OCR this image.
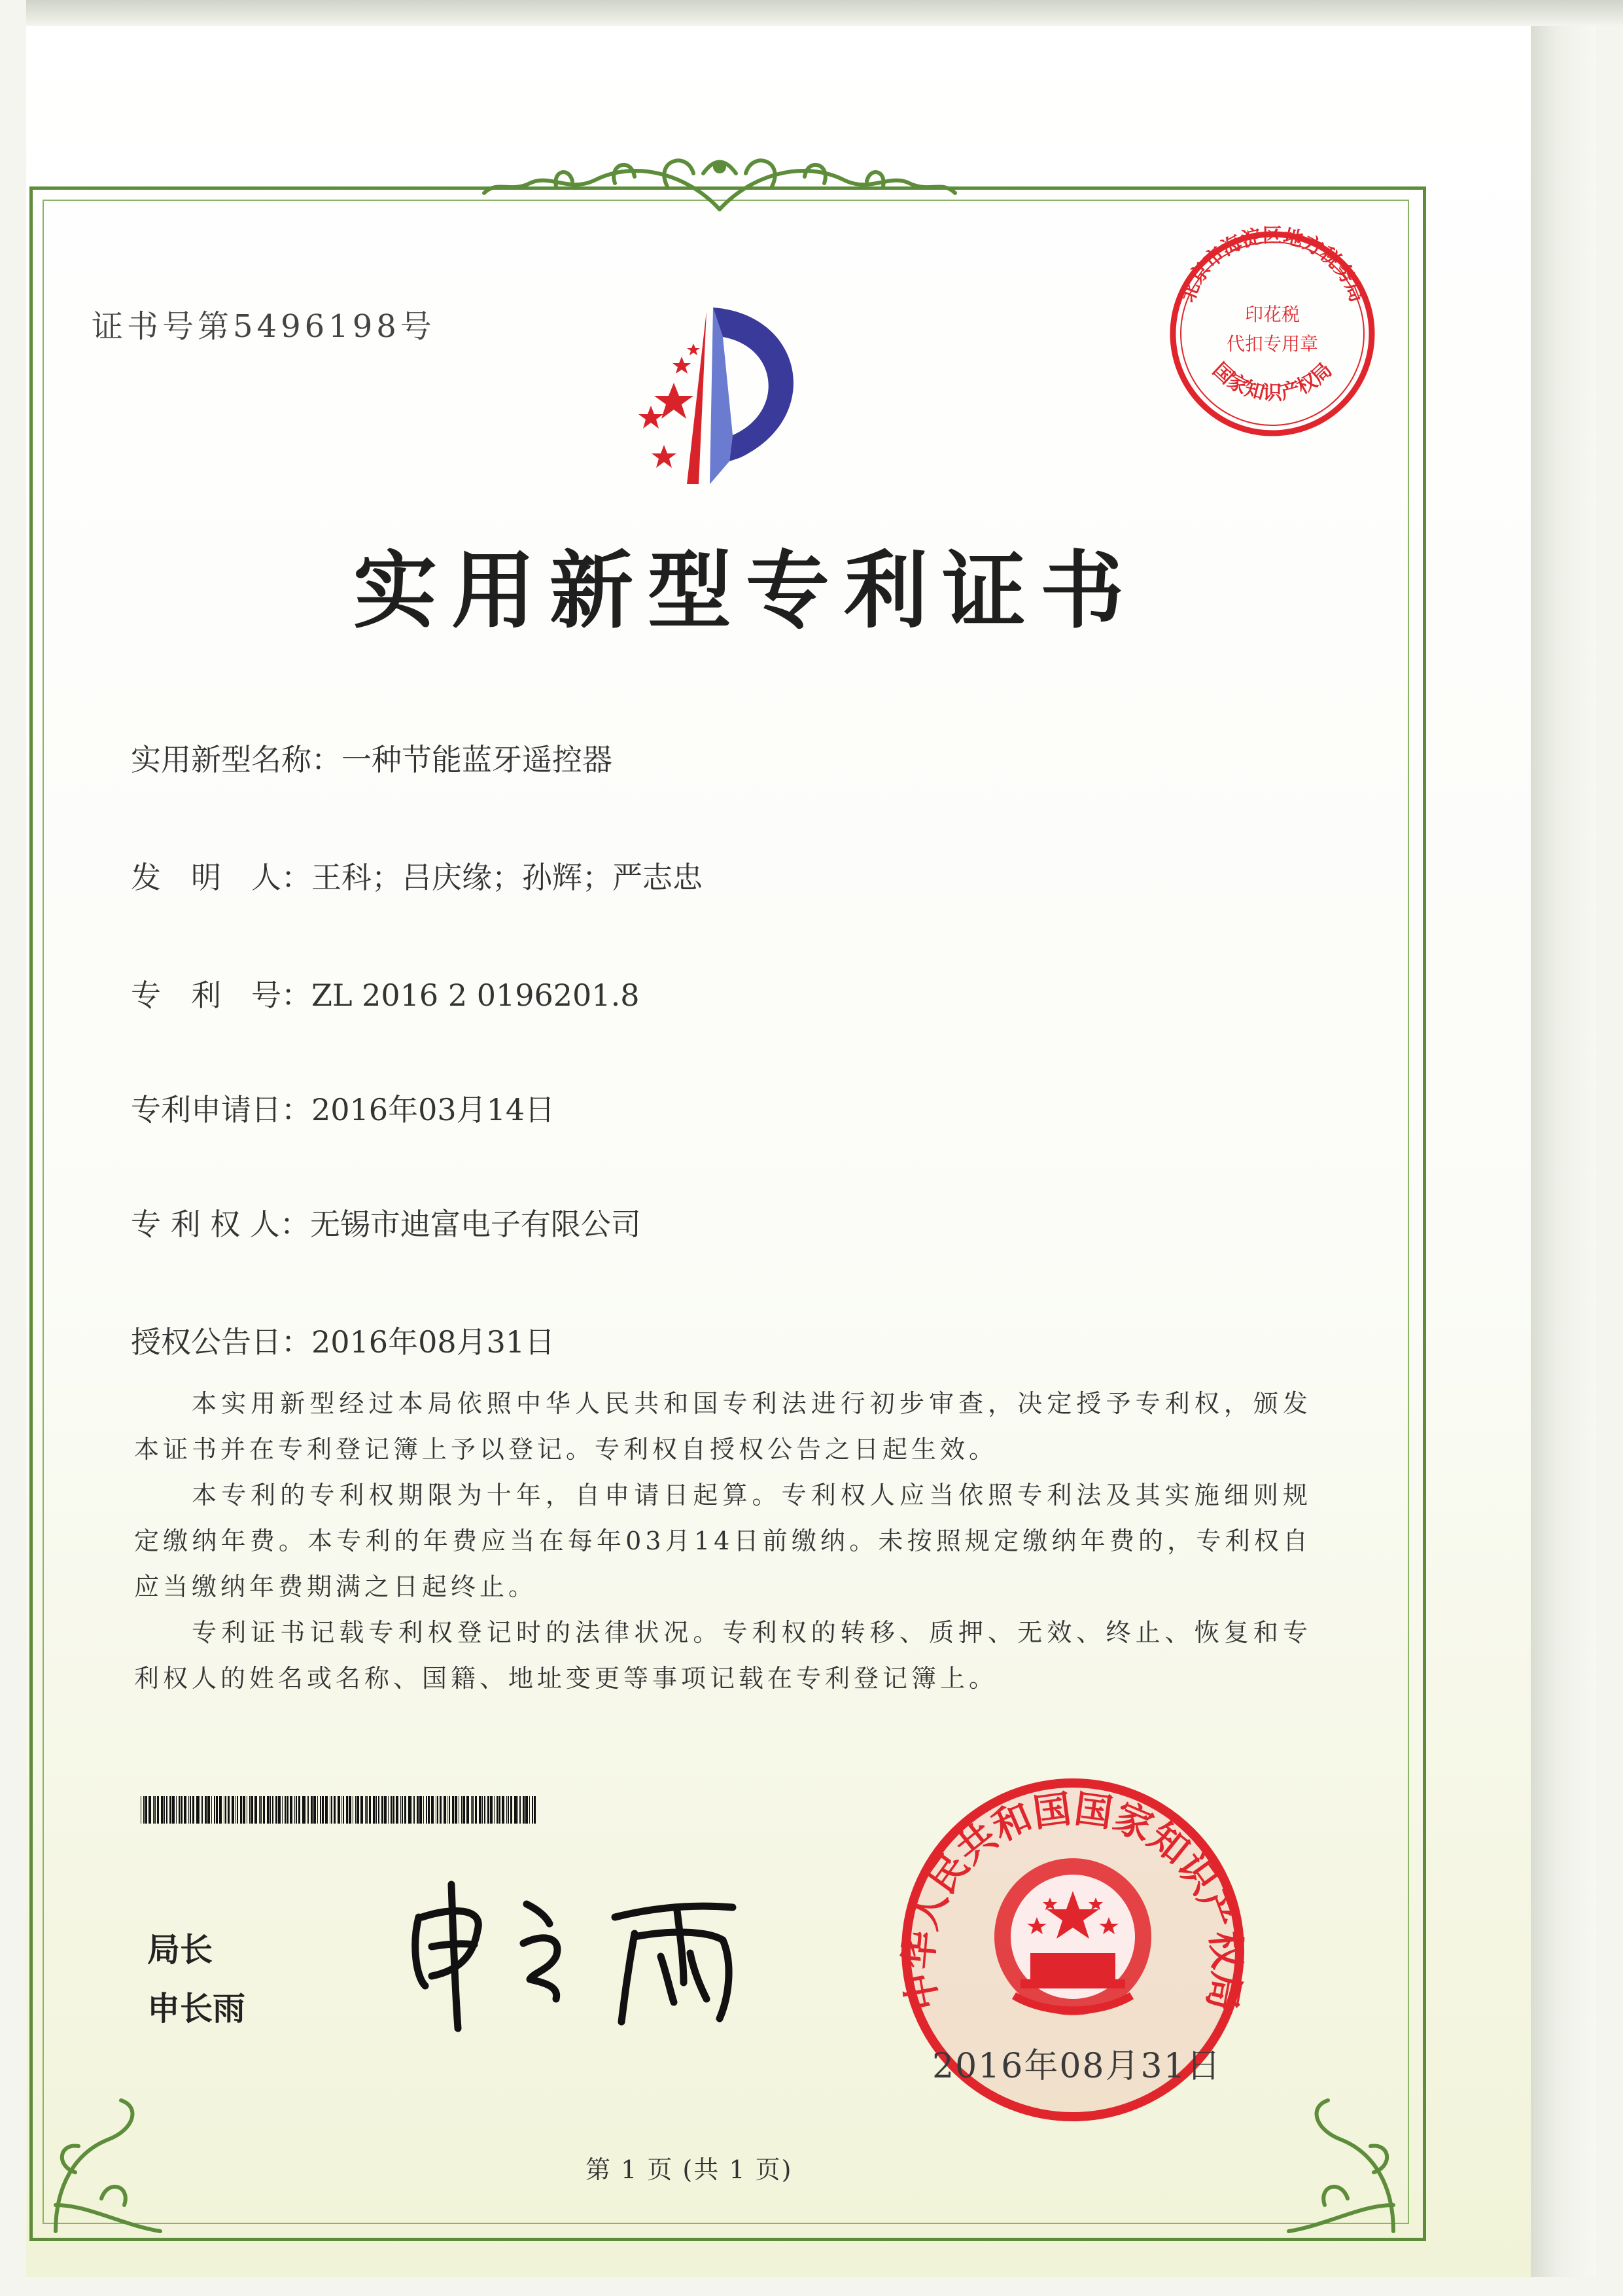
证书号第5496198号
实用新型专利证书
实用新型名称：一种节能蓝牙遥控器
发　明　人：王科；吕庆缘；孙辉；严志忠
专　利　号：ZL 2016 2 0196201.8
专利申请日：2016年03月14日
专 利 权 人：无锡市迪富电子有限公司
授权公告日：2016年08月31日

本实用新型经过本局依照中华人民共和国专利法进行初步审查，决定授予专利权，颁发本证书并在专利登记簿上予以登记。专利权自授权公告之日起生效。

本专利的专利权期限为十年，自申请日起算。专利权人应当依照专利法及其实施细则规定缴纳年费。本专利的年费应当在每年03月14日前缴纳。未按照规定缴纳年费的，专利权自应当缴纳年费期满之日起终止。

专利证书记载专利权登记时的法律状况。专利权的转移、质押、无效、终止、恢复和专利权人的姓名或名称、国籍、地址变更等事项记载在专利登记簿上。

局长
申长雨
北京市海淀区地方税务局
国家知识产权局
印花税
代扣专用章
中华人民共和国国家知识产权局
2016年08月31日
第 1 页 (共 1 页)
